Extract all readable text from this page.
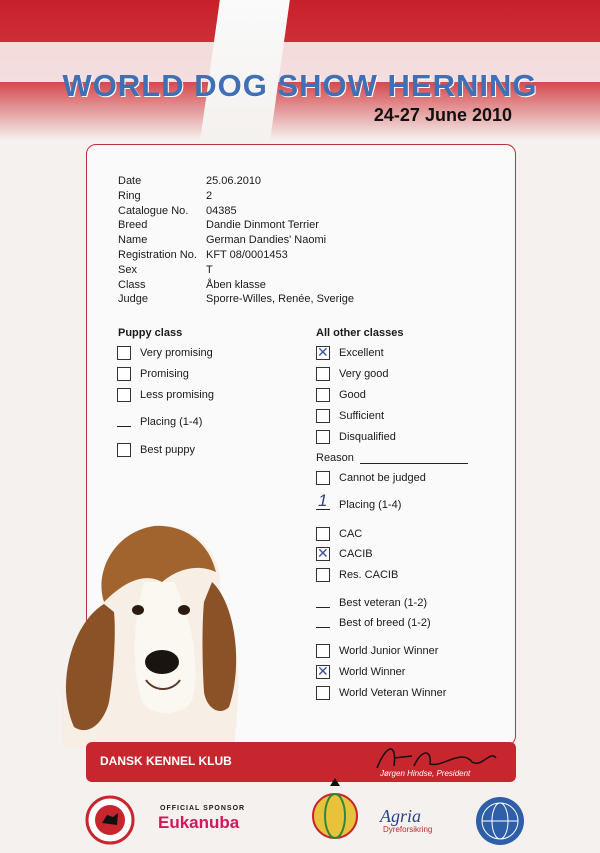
WORLD DOG SHOW HERNING
24-27 June 2010
Date	25.06.2010
Ring	2
Catalogue No.	04385
Breed	Dandie Dinmont Terrier
Name	German Dandies' Naomi
Registration No. KFT 08/0001453
Sex	T
Class	Åben klasse
Judge	Sporre-Willes, Renée, Sverige
Puppy class
Very promising
Promising
Less promising
Placing (1-4)
Best puppy
All other classes
✕
Excellent
Very good
Good
Sufficient
Disqualified
Reason
Cannot be judged
1 Placing (1-4)
CAC
✕
CACIB
Res. CACIB
Best veteran (1-2)
Best of breed (1-2)
World Junior Winner
✕
World Winner
World Veteran Winner
DANSK KENNEL KLUB
Jørgen Hindse, President
OFFICIAL SPONSOR
Eukanuba	Agria
Dyreforsikring
